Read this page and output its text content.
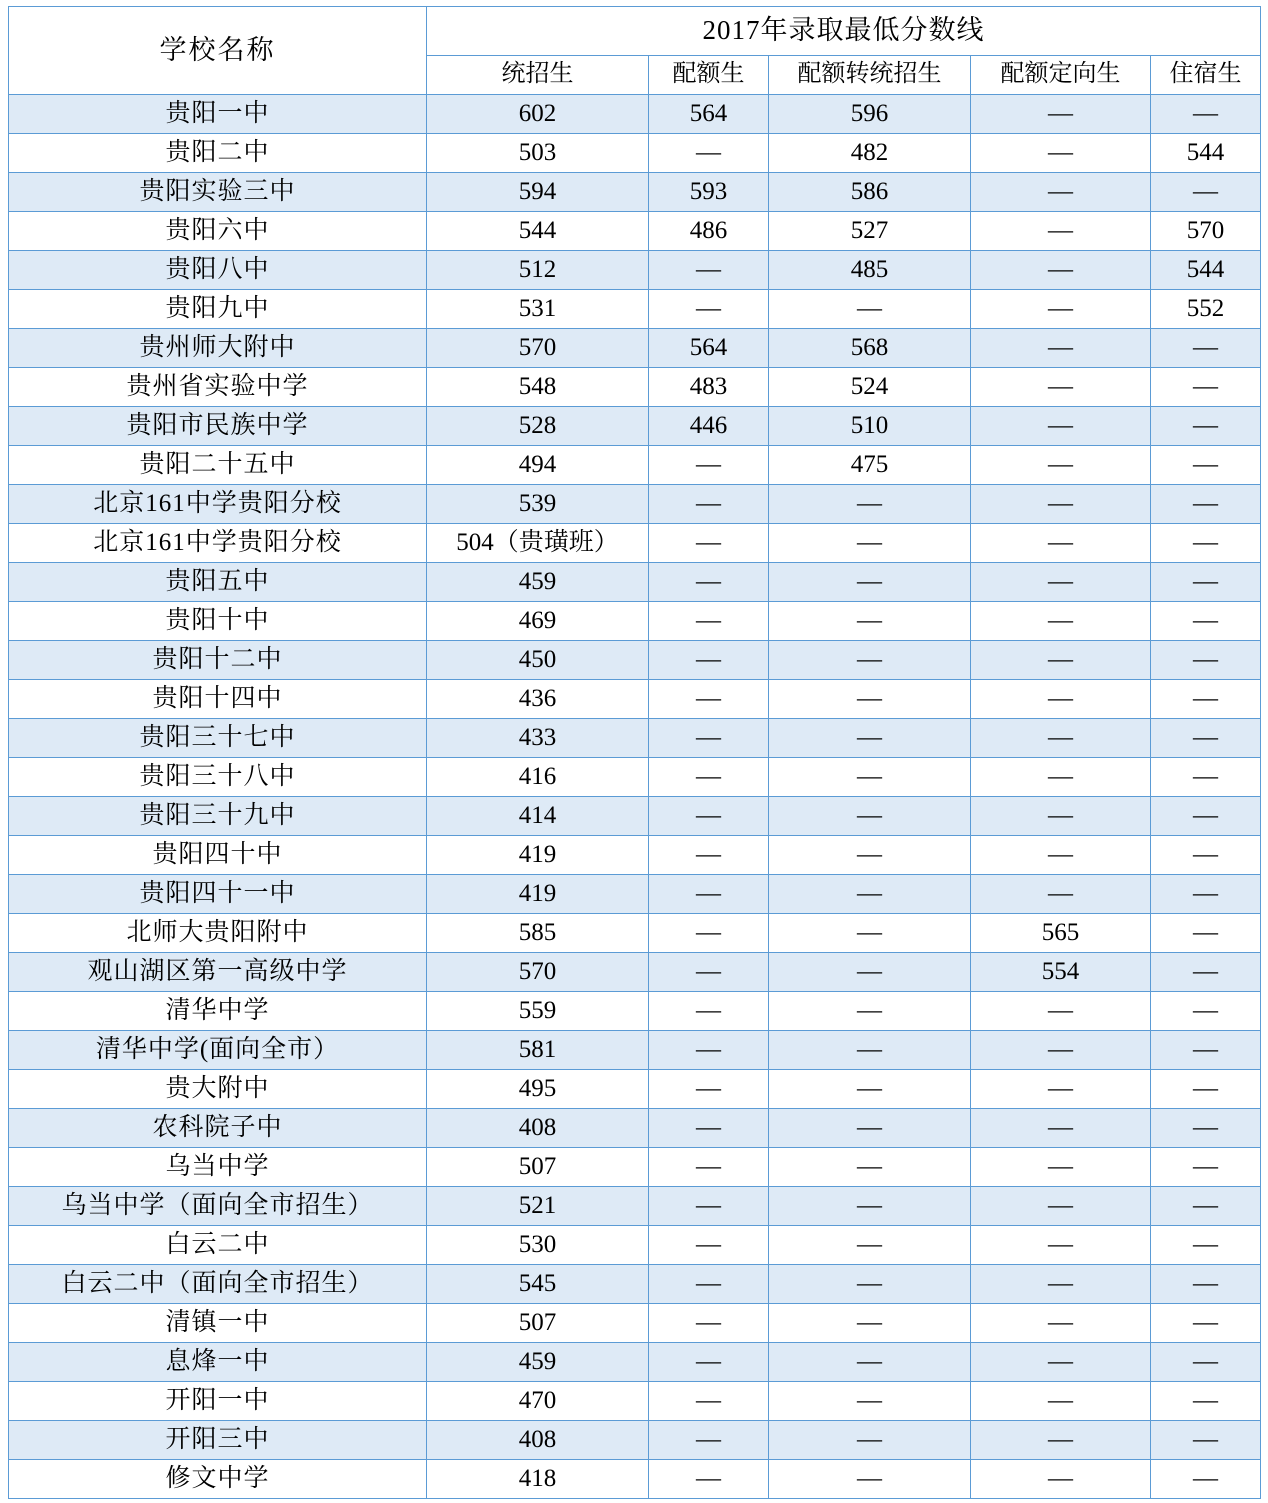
学校名称	2017年录取最低分数线				
	统招生	配额生	配额转统招生	配额定向生	住宿生
贵阳一中	602	564	596	—	—
贵阳二中	503	—	482	—	544
贵阳实验三中	594	593	586	—	—
贵阳六中	544	486	527	—	570
贵阳八中	512	—	485	—	544
贵阳九中	531	—	—	—	552
贵州师大附中	570	564	568	—	—
贵州省实验中学	548	483	524	—	—
贵阳市民族中学	528	446	510	—	—
贵阳二十五中	494	—	475	—	—
北京161中学贵阳分校	539	—	—	—	—
北京161中学贵阳分校	504（贵璜班）	—	—	—	—
贵阳五中	459	—	—	—	—
贵阳十中	469	—	—	—	—
贵阳十二中	450	—	—	—	—
贵阳十四中	436	—	—	—	—
贵阳三十七中	433	—	—	—	—
贵阳三十八中	416	—	—	—	—
贵阳三十九中	414	—	—	—	—
贵阳四十中	419	—	—	—	—
贵阳四十一中	419	—	—	—	—
北师大贵阳附中	585	—	—	565	—
观山湖区第一高级中学	570	—	—	554	—
清华中学	559	—	—	—	—
清华中学(面向全市）	581	—	—	—	—
贵大附中	495	—	—	—	—
农科院子中	408	—	—	—	—
乌当中学	507	—	—	—	—
乌当中学（面向全市招生）	521	—	—	—	—
白云二中	530	—	—	—	—
白云二中（面向全市招生）	545	—	—	—	—
清镇一中	507	—	—	—	—
息烽一中	459	—	—	—	—
开阳一中	470	—	—	—	—
开阳三中	408	—	—	—	—
修文中学	418	—	—	—	—
